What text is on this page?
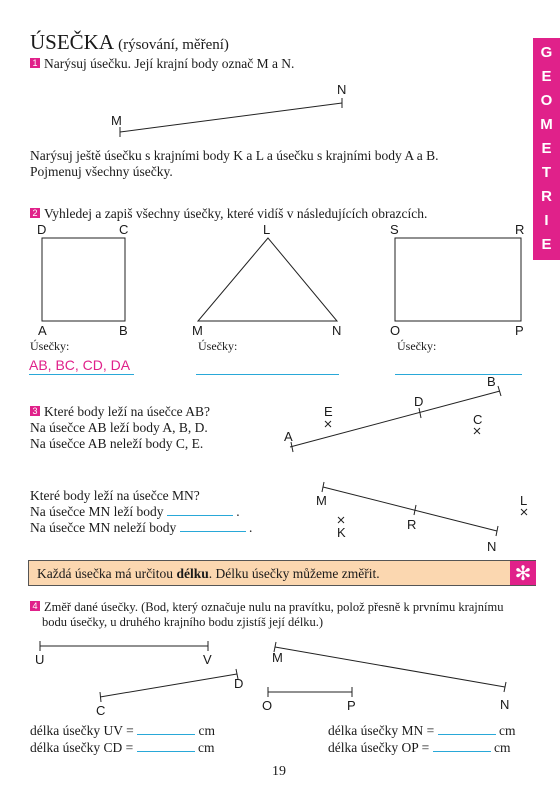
ÚSEČKA (rýsování, měření)	G
E
O
M
E
T
R
I
E
1 Narýsuj úsečku. Její krajní body označ M a N.
Narýsuj ještě úsečku s krajními body K a L a úsečku s krajními body A a B.
Pojmenuj všechny úsečky.
M
N
2 Vyhledej a zapiš všechny úsečky, které vidíš v následujících obrazcích.
D	C
A	B
L
M	N
S	R
O	P
Úsečky:	Úsečky:	Úsečky:
AB, BC, CD, DA
3 Které body leží na úsečce AB?
Na úsečce AB leží body A, B, D.
Na úsečce AB neleží body C, E.	A
B
D
E
C
Které body leží na úsečce MN?
Na úsečce MN leží body	.
Na úsečce MN neleží body	.
M
N
R
K
L
Každá úsečka má určitou délku. Délku úsečky můžeme změřit.	✻
4 Změř dané úsečky. (Bod, který označuje nulu na pravítku, polož přesně k prvnímu krajnímu
bodu úsečky, u druhého krajního bodu zjistíš její délku.)
U	V
C
D
M
N
O	P
délka úsečky UV =	cm
délka úsečky CD =	cm
délka úsečky MN =	cm
délka úsečky OP =	cm
19
